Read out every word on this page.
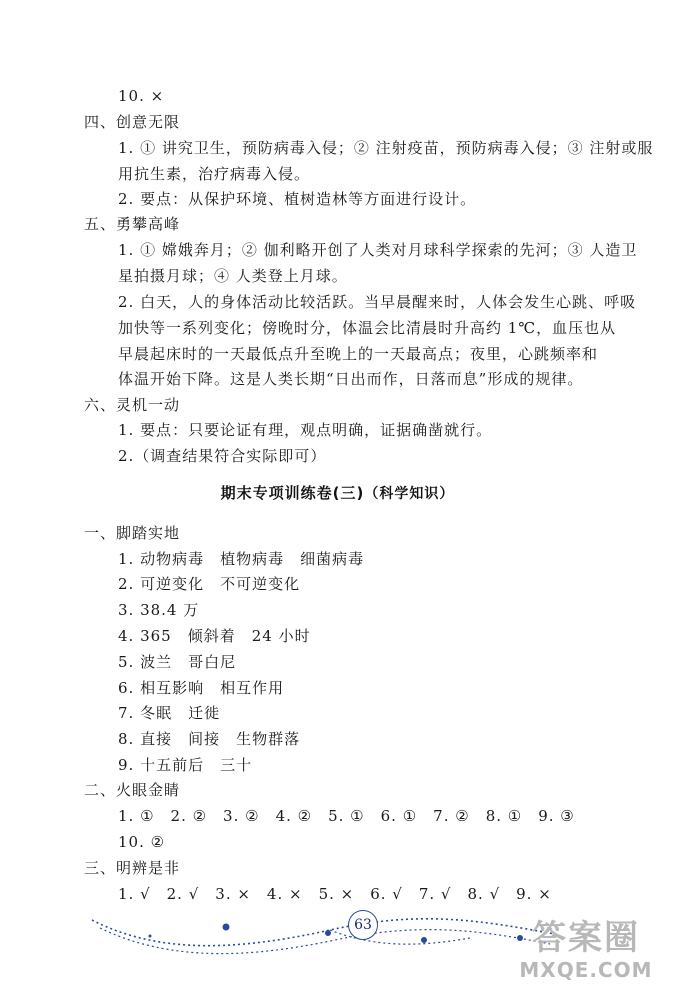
10. ×
四、创意无限
1. ① 讲究卫生，预防病毒入侵；② 注射疫苗，预防病毒入侵；③ 注射或服
用抗生素，治疗病毒入侵。
2. 要点：从保护环境、植树造林等方面进行设计。
五、勇攀高峰
1. ① 嫦娥奔月；② 伽利略开创了人类对月球科学探索的先河；③ 人造卫
星拍摄月球；④ 人类登上月球。
2. 白天，人的身体活动比较活跃。当早晨醒来时，人体会发生心跳、呼吸
加快等一系列变化；傍晚时分，体温会比清晨时升高约 1℃，血压也从
早晨起床时的一天最低点升至晚上的一天最高点；夜里，心跳频率和
体温开始下降。这是人类长期“日出而作，日落而息”形成的规律。
六、灵机一动
1. 要点：只要论证有理，观点明确，证据确凿就行。
2.（调查结果符合实际即可）
期末专项训练卷(三)（科学知识）
一、脚踏实地
1. 动物病毒　植物病毒　细菌病毒
2. 可逆变化　不可逆变化
3. 38.4 万
4. 365　倾斜着　24 小时
5. 波兰　哥白尼
6. 相互影响　相互作用
7. 冬眠　迁徙
8. 直接　间接　生物群落
9. 十五前后　三十
二、火眼金睛
1. ①　2. ②　3. ②　4. ②　5. ①　6. ①　7. ②　8. ①　9. ③
10. ②
三、明辨是非
1. √　2. √　3. ×　4. ×　5. ×　6. √　7. √　8. √　9. ×
63	答案圈
MXQE.COM
